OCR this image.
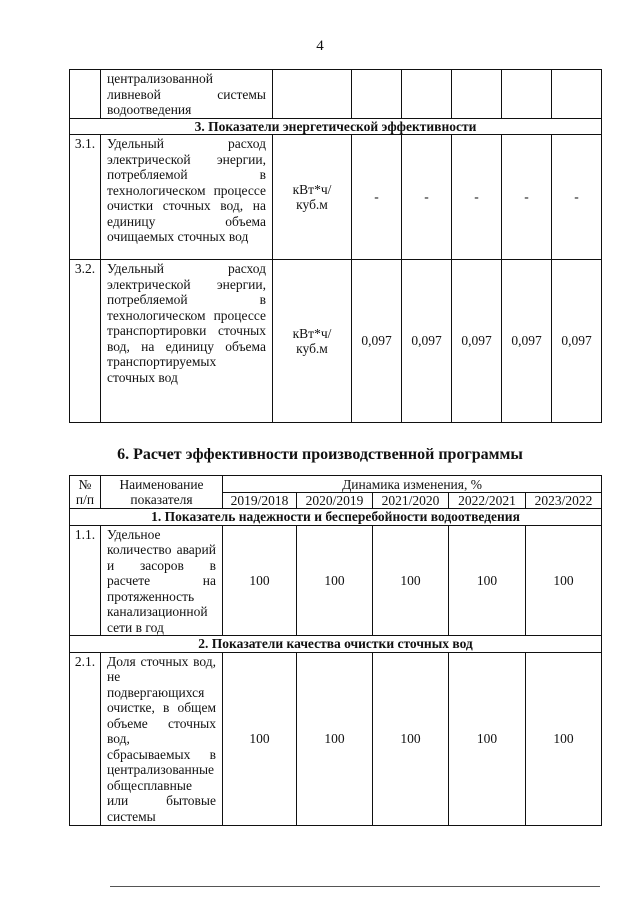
4
	централизованной ливневой системы водоотведения						
3. Показатели энергетической эффективности							
3.1.	Удельный расход электрической энергии, потребляемой в технологическом процессе очистки сточных вод, на единицу объема очищаемых сточных вод	кВт*ч/ куб.м	-	-	-	-	-
3.2.	Удельный расход электрической энергии, потребляемой в технологическом процессе транспортировки сточных вод, на единицу объема транспортируемых сточных вод	кВт*ч/ куб.м	0,097	0,097	0,097	0,097	0,097
6. Расчет эффективности производственной программы
№ п/п	Наименование показателя	Динамика изменения, %				
		2019/2018	2020/2019	2021/2020	2022/2021	2023/2022
1. Показатель надежности и бесперебойности водоотведения						
1.1.	Удельное количество аварий и засоров в расчете на протяженность канализационной сети в год	100	100	100	100	100
2. Показатели качества очистки сточных вод						
2.1.	Доля сточных вод, не подвергающихся очистке, в общем объеме сточных вод, сбрасываемых в централизованные общесплавные или бытовые системы	100	100	100	100	100
